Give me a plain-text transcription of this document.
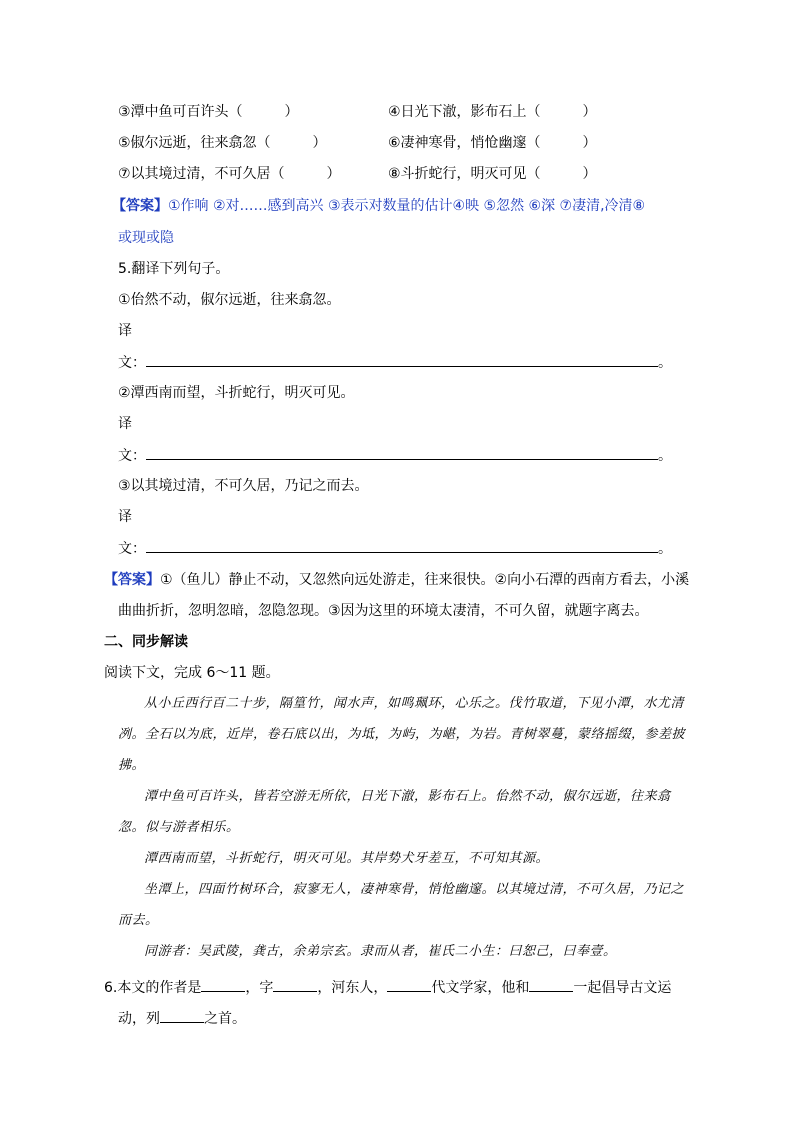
③潭中鱼可百许头（　　　）	④日光下澈，影布石上（　　　）
⑤俶尔远逝，往来翕忽（　　　）	⑥凄神寒骨，悄怆幽邃（　　　）
⑦以其境过清，不可久居（　　　）	⑧斗折蛇行，明灭可见（　　　）
【答案】①作响 ②对……感到高兴 ③表示对数量的估计④映 ⑤忽然 ⑥深 ⑦凄清,冷清⑧
或现或隐
5.翻译下列句子。
①佁然不动，俶尔远逝，往来翕忽。
译
文：	。
②潭西南而望，斗折蛇行，明灭可见。
译
文：	。
③以其境过清，不可久居，乃记之而去。
译
文：	。
【答案】①（鱼儿）静止不动，又忽然向远处游走，往来很快。②向小石潭的西南方看去，小溪
曲曲折折，忽明忽暗，忽隐忽现。③因为这里的环境太凄清，不可久留，就题字离去。
二、同步解读
阅读下文，完成 6～11 题。
从小丘西行百二十步，隔篁竹，闻水声，如鸣珮环，心乐之。伐竹取道，下见小潭，水尤清冽。全石以为底，近岸，卷石底以出，为坻，为屿，为嵁，为岩。青树翠蔓，蒙络摇缀，参差披拂。
潭中鱼可百许头，皆若空游无所依，日光下澈，影布石上。佁然不动，俶尔远逝，往来翕忽。似与游者相乐。
潭西南而望，斗折蛇行，明灭可见。其岸势犬牙差互，不可知其源。
坐潭上，四面竹树环合，寂寥无人，凄神寒骨，悄怆幽邃。以其境过清，不可久居，乃记之而去。
同游者：吴武陵，龚古，余弟宗玄。隶而从者，崔氏二小生：曰恕己，曰奉壹。
6.本文的作者是	，字	，河东人，	代文学家，他和	一起倡导古文运
动，列	之首。
